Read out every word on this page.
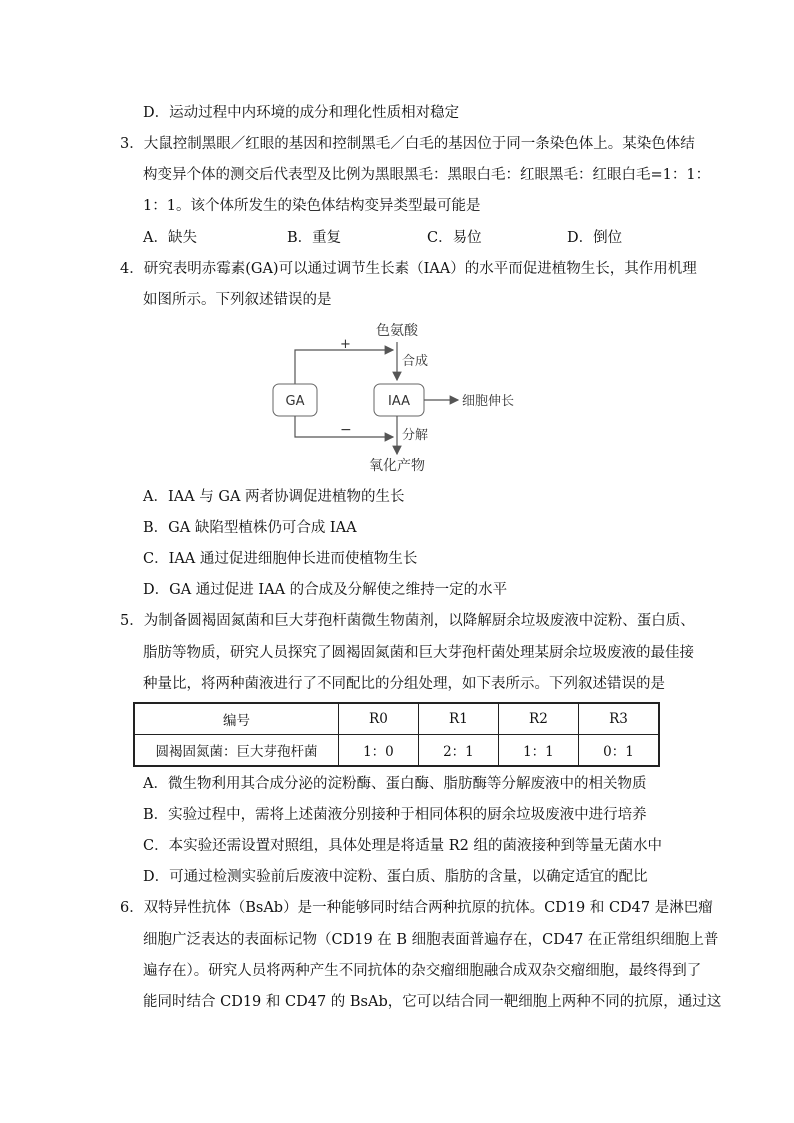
D．运动过程中内环境的成分和理化性质相对稳定
3．大鼠控制黑眼／红眼的基因和控制黑毛／白毛的基因位于同一条染色体上。某染色体结
构变异个体的测交后代表型及比例为黑眼黑毛：黑眼白毛：红眼黑毛：红眼白毛=1：1：
1：1。该个体所发生的染色体结构变异类型最可能是
A．缺失	B．重复	C．易位	D．倒位
4．研究表明赤霉素(GA)可以通过调节生长素（IAA）的水平而促进植物生长，其作用机理
如图所示。下列叙述错误的是
色氨酸
合成
+
GA	IAA	细胞伸长
−	分解
氧化产物
A．IAA 与 GA 两者协调促进植物的生长
B．GA 缺陷型植株仍可合成 IAA
C．IAA 通过促进细胞伸长进而使植物生长
D．GA 通过促进 IAA 的合成及分解使之维持一定的水平
5．为制备圆褐固氮菌和巨大芽孢杆菌微生物菌剂，以降解厨余垃圾废液中淀粉、蛋白质、
脂肪等物质，研究人员探究了圆褐固氮菌和巨大芽孢杆菌处理某厨余垃圾废液的最佳接
种量比，将两种菌液进行了不同配比的分组处理，如下表所示。下列叙述错误的是
编号	R0	R1	R2	R3
圆褐固氮菌：巨大芽孢杆菌	1：0	2：1	1：1	0：1
A．微生物利用其合成分泌的淀粉酶、蛋白酶、脂肪酶等分解废液中的相关物质
B．实验过程中，需将上述菌液分别接种于相同体积的厨余垃圾废液中进行培养
C．本实验还需设置对照组，具体处理是将适量 R2 组的菌液接种到等量无菌水中
D．可通过检测实验前后废液中淀粉、蛋白质、脂肪的含量，以确定适宜的配比
6．双特异性抗体（BsAb）是一种能够同时结合两种抗原的抗体。CD19 和 CD47 是淋巴瘤
细胞广泛表达的表面标记物（CD19 在 B 细胞表面普遍存在，CD47 在正常组织细胞上普
遍存在）。研究人员将两种产生不同抗体的杂交瘤细胞融合成双杂交瘤细胞，最终得到了
能同时结合 CD19 和 CD47 的 BsAb，它可以结合同一靶细胞上两种不同的抗原，通过这
